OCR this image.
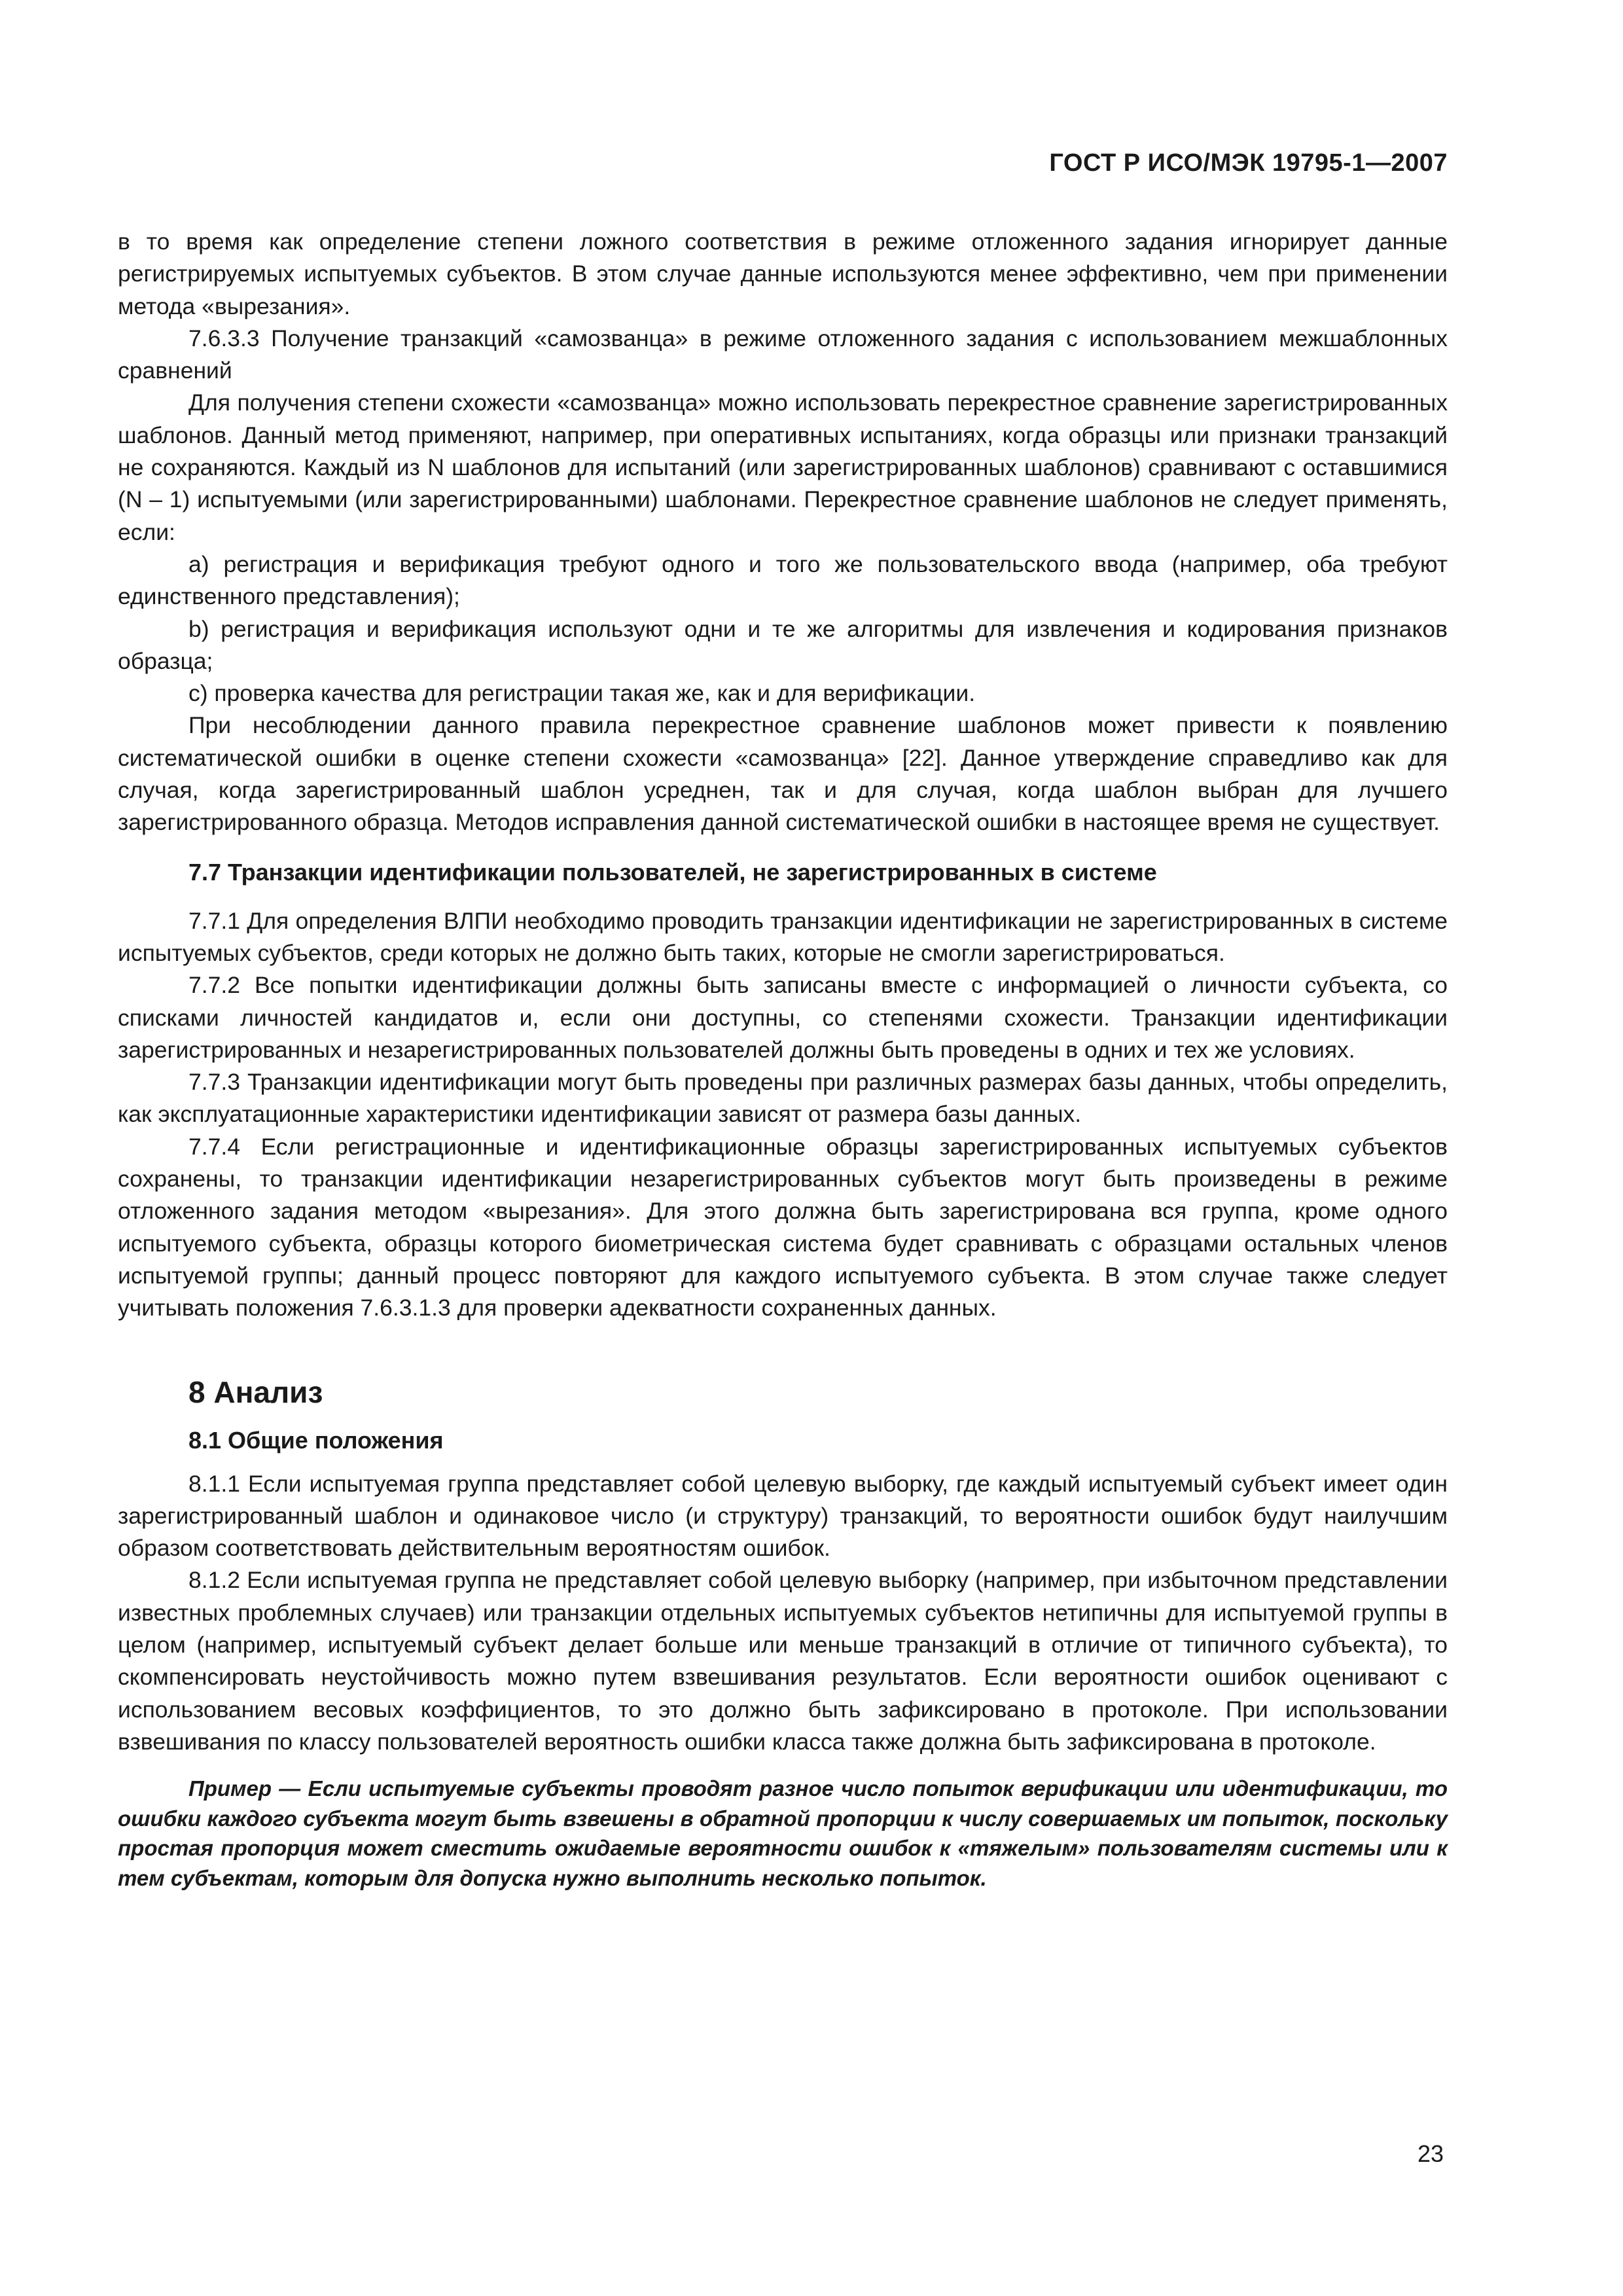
ГОСТ Р ИСО/МЭК 19795-1—2007

в то время как определение степени ложного соответствия в режиме отложенного задания игнорирует данные регистрируемых испытуемых субъектов. В этом случае данные используются менее эффективно, чем при применении метода «вырезания».

7.6.3.3 Получение транзакций «самозванца» в режиме отложенного задания с использованием межшаблонных сравнений

Для получения степени схожести «самозванца» можно использовать перекрестное сравнение зарегистрированных шаблонов. Данный метод применяют, например, при оперативных испытаниях, когда образцы или признаки транзакций не сохраняются. Каждый из N шаблонов для испытаний (или зарегистрированных шаблонов) сравнивают с оставшимися (N – 1) испытуемыми (или зарегистрированными) шаблонами. Перекрестное сравнение шаблонов не следует применять, если:

а) регистрация и верификация требуют одного и того же пользовательского ввода (например, оба требуют единственного представления);

b) регистрация и верификация используют одни и те же алгоритмы для извлечения и кодирования признаков образца;

с) проверка качества для регистрации такая же, как и для верификации.

При несоблюдении данного правила перекрестное сравнение шаблонов может привести к появлению систематической ошибки в оценке степени схожести «самозванца» [22]. Данное утверждение справедливо как для случая, когда зарегистрированный шаблон усреднен, так и для случая, когда шаблон выбран для лучшего зарегистрированного образца. Методов исправления данной систематической ошибки в настоящее время не существует.

7.7 Транзакции идентификации пользователей, не зарегистрированных в системе

7.7.1 Для определения ВЛПИ необходимо проводить транзакции идентификации не зарегистрированных в системе испытуемых субъектов, среди которых не должно быть таких, которые не смогли зарегистрироваться.

7.7.2 Все попытки идентификации должны быть записаны вместе с информацией о личности субъекта, со списками личностей кандидатов и, если они доступны, со степенями схожести. Транзакции идентификации зарегистрированных и незарегистрированных пользователей должны быть проведены в одних и тех же условиях.

7.7.3 Транзакции идентификации могут быть проведены при различных размерах базы данных, чтобы определить, как эксплуатационные характеристики идентификации зависят от размера базы данных.

7.7.4 Если регистрационные и идентификационные образцы зарегистрированных испытуемых субъектов сохранены, то транзакции идентификации незарегистрированных субъектов могут быть произведены в режиме отложенного задания методом «вырезания». Для этого должна быть зарегистрирована вся группа, кроме одного испытуемого субъекта, образцы которого биометрическая система будет сравнивать с образцами остальных членов испытуемой группы; данный процесс повторяют для каждого испытуемого субъекта. В этом случае также следует учитывать положения 7.6.3.1.3 для проверки адекватности сохраненных данных.

8 Анализ
8.1 Общие положения

8.1.1 Если испытуемая группа представляет собой целевую выборку, где каждый испытуемый субъект имеет один зарегистрированный шаблон и одинаковое число (и структуру) транзакций, то вероятности ошибок будут наилучшим образом соответствовать действительным вероятностям ошибок.

8.1.2 Если испытуемая группа не представляет собой целевую выборку (например, при избыточном представлении известных проблемных случаев) или транзакции отдельных испытуемых субъектов нетипичны для испытуемой группы в целом (например, испытуемый субъект делает больше или меньше транзакций в отличие от типичного субъекта), то скомпенсировать неустойчивость можно путем взвешивания результатов. Если вероятности ошибок оценивают с использованием весовых коэффициентов, то это должно быть зафиксировано в протоколе. При использовании взвешивания по классу пользователей вероятность ошибки класса также должна быть зафиксирована в протоколе.

Пример — Если испытуемые субъекты проводят разное число попыток верификации или идентификации, то ошибки каждого субъекта могут быть взвешены в обратной пропорции к числу совершаемых им попыток, поскольку простая пропорция может сместить ожидаемые вероятности ошибок к «тяжелым» пользователям системы или к тем субъектам, которым для допуска нужно выполнить несколько попыток.

23
